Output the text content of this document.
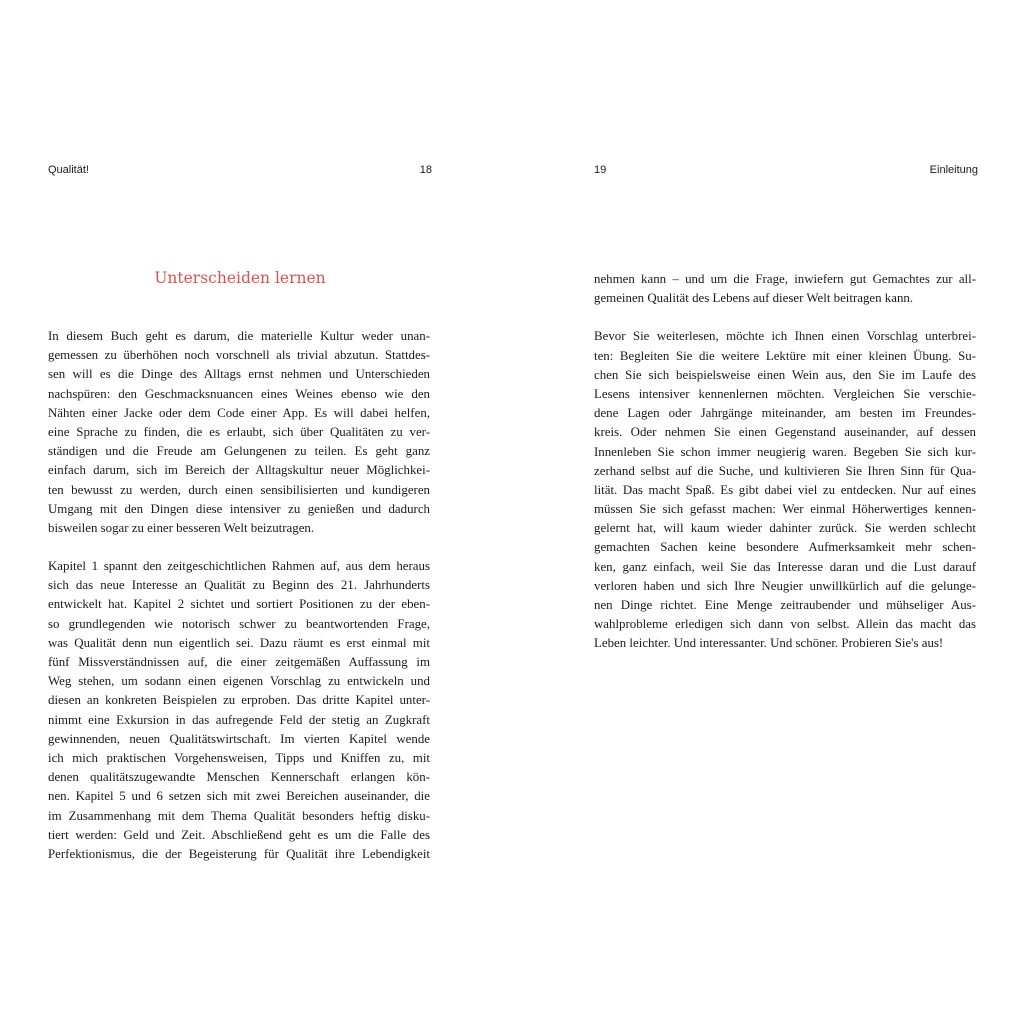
Qualität!	18
Unterscheiden lernen

In diesem Buch geht es darum, die materielle Kultur weder unan-
gemessen zu überhöhen noch vorschnell als trivial abzutun. Stattdes-
sen will es die Dinge des Alltags ernst nehmen und Unterschieden
nachspüren: den Geschmacksnuancen eines Weines ebenso wie den
Nähten einer Jacke oder dem Code einer App. Es will dabei helfen,
eine Sprache zu finden, die es erlaubt, sich über Qualitäten zu ver-
ständigen und die Freude am Gelungenen zu teilen. Es geht ganz
einfach darum, sich im Bereich der Alltagskultur neuer Möglichkei-
ten bewusst zu werden, durch einen sensibilisierten und kundigeren
Umgang mit den Dingen diese intensiver zu genießen und dadurch
bisweilen sogar zu einer besseren Welt beizutragen.

Kapitel 1 spannt den zeitgeschichtlichen Rahmen auf, aus dem heraus
sich das neue Interesse an Qualität zu Beginn des 21. Jahrhunderts
entwickelt hat. Kapitel 2 sichtet und sortiert Positionen zu der eben-
so grundlegenden wie notorisch schwer zu beantwortenden Frage,
was Qualität denn nun eigentlich sei. Dazu räumt es erst einmal mit
fünf Missverständnissen auf, die einer zeitgemäßen Auffassung im
Weg stehen, um sodann einen eigenen Vorschlag zu entwickeln und
diesen an konkreten Beispielen zu erproben. Das dritte Kapitel unter-
nimmt eine Exkursion in das aufregende Feld der stetig an Zugkraft
gewinnenden, neuen Qualitätswirtschaft. Im vierten Kapitel wende
ich mich praktischen Vorgehensweisen, Tipps und Kniffen zu, mit
denen qualitätszugewandte Menschen Kennerschaft erlangen kön-
nen. Kapitel 5 und 6 setzen sich mit zwei Bereichen auseinander, die
im Zusammenhang mit dem Thema Qualität besonders heftig disku-
tiert werden: Geld und Zeit. Abschließend geht es um die Falle des
Perfektionismus, die der Begeisterung für Qualität ihre Lebendigkeit

19	Einleitung

nehmen kann – und um die Frage, inwiefern gut Gemachtes zur all-
gemeinen Qualität des Lebens auf dieser Welt beitragen kann.

Bevor Sie weiterlesen, möchte ich Ihnen einen Vorschlag unterbrei-
ten: Begleiten Sie die weitere Lektüre mit einer kleinen Übung. Su-
chen Sie sich beispielsweise einen Wein aus, den Sie im Laufe des
Lesens intensiver kennenlernen möchten. Vergleichen Sie verschie-
dene Lagen oder Jahrgänge miteinander, am besten im Freundes-
kreis. Oder nehmen Sie einen Gegenstand auseinander, auf dessen
Innenleben Sie schon immer neugierig waren. Begeben Sie sich kur-
zerhand selbst auf die Suche, und kultivieren Sie Ihren Sinn für Qua-
lität. Das macht Spaß. Es gibt dabei viel zu entdecken. Nur auf eines
müssen Sie sich gefasst machen: Wer einmal Höherwertiges kennen-
gelernt hat, will kaum wieder dahinter zurück. Sie werden schlecht
gemachten Sachen keine besondere Aufmerksamkeit mehr schen-
ken, ganz einfach, weil Sie das Interesse daran und die Lust darauf
verloren haben und sich Ihre Neugier unwillkürlich auf die gelunge-
nen Dinge richtet. Eine Menge zeitraubender und mühseliger Aus-
wahlprobleme erledigen sich dann von selbst. Allein das macht das
Leben leichter. Und interessanter. Und schöner. Probieren Sie's aus!
